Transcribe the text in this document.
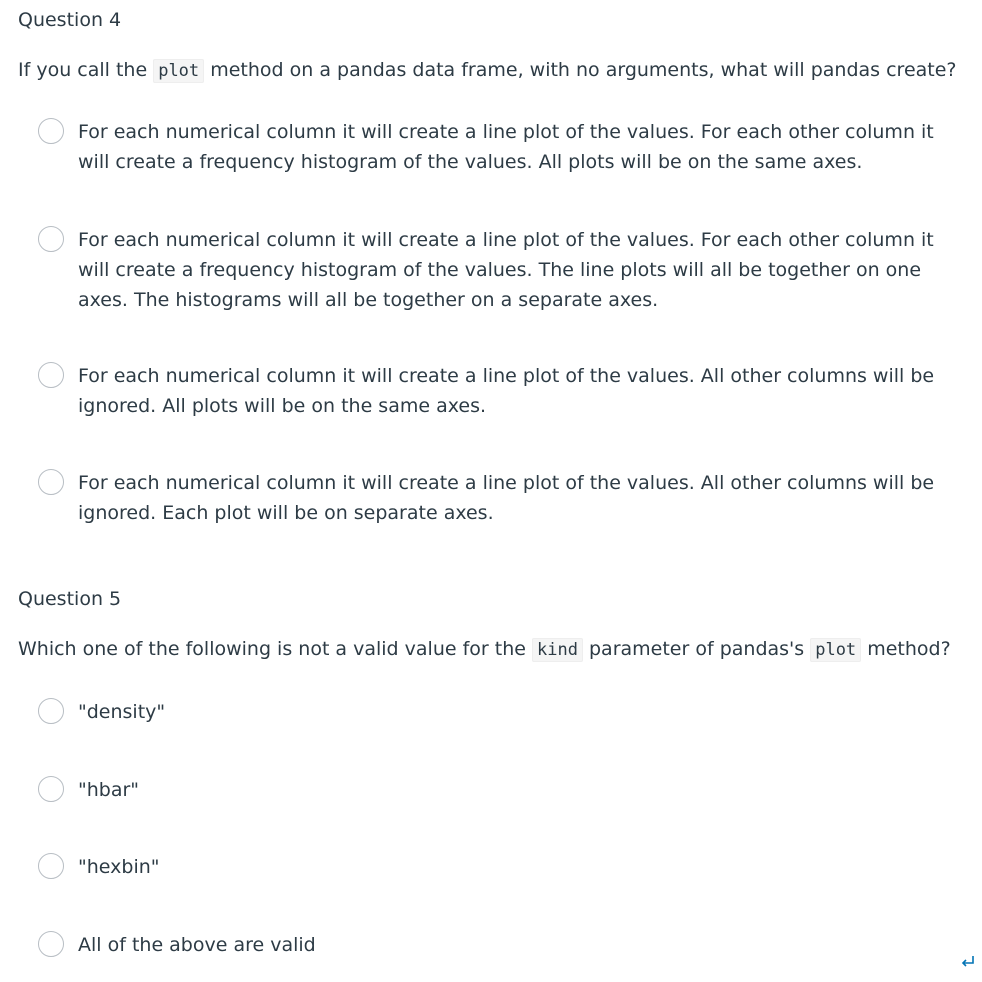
Question 4

If you call the plot method on a pandas data frame, with no arguments, what will pandas create?

For each numerical column it will create a line plot of the values. For each other column it will create a frequency histogram of the values. All plots will be on the same axes.
For each numerical column it will create a line plot of the values. For each other column it will create a frequency histogram of the values. The line plots will all be together on one axes. The histograms will all be together on a separate axes.
For each numerical column it will create a line plot of the values. All other columns will be ignored. All plots will be on the same axes.
For each numerical column it will create a line plot of the values. All other columns will be ignored. Each plot will be on separate axes.
Question 5

Which one of the following is not a valid value for the kind parameter of pandas's plot method?

"density"
"hbar"
"hexbin"
All of the above are valid
